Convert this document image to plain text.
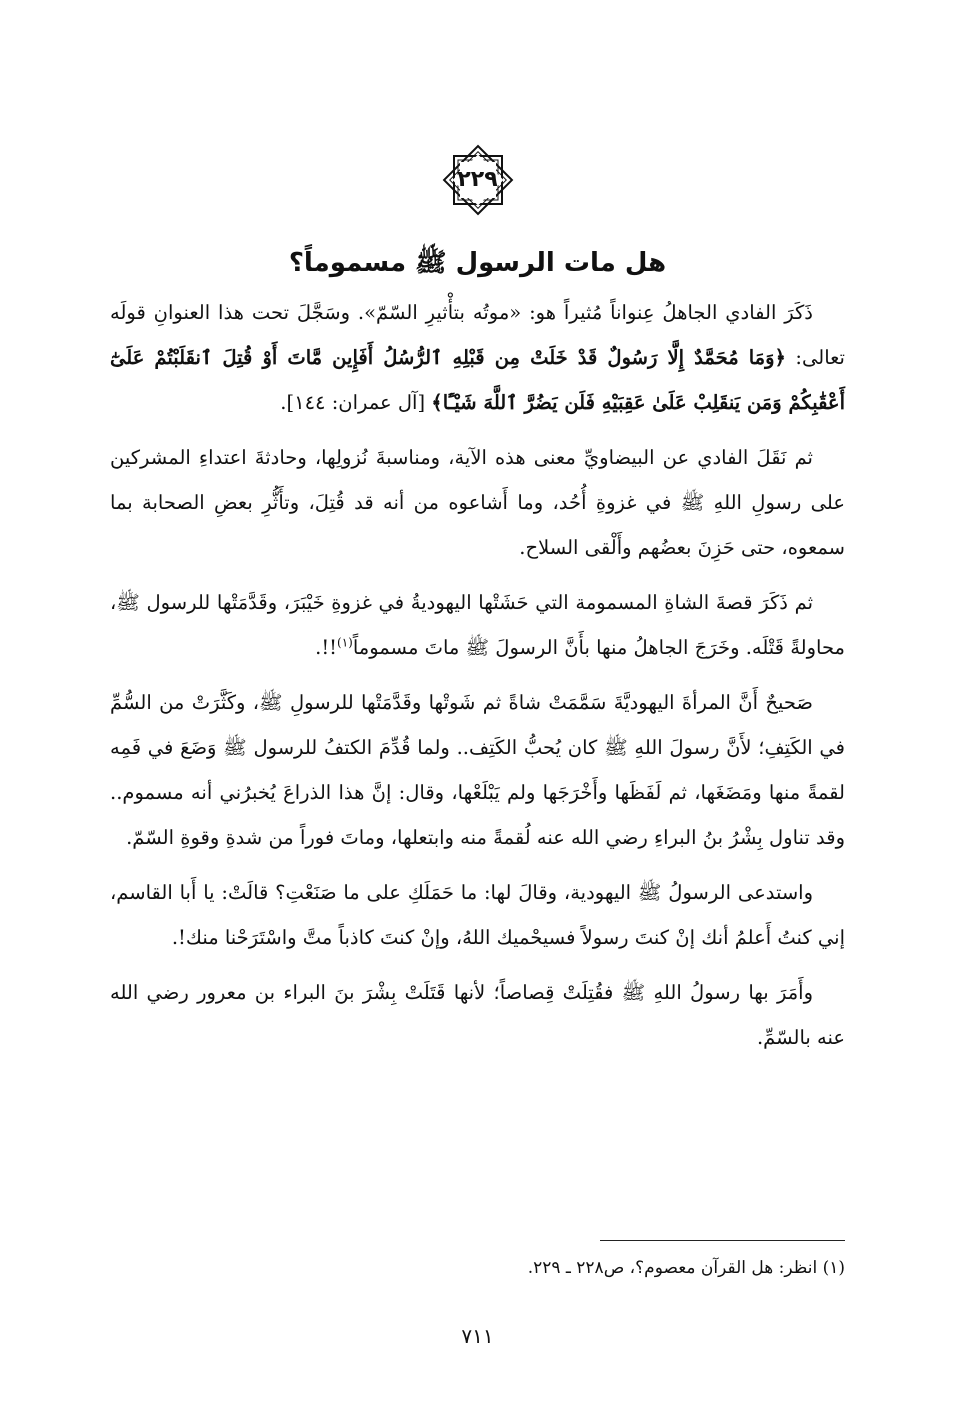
٢٢٩
هل مات الرسول ﷺ مسموماً؟

ذَكَرَ الفادي الجاهلُ عِنواناً مُثيراً هو: «موتُه بتأْثيرِ السّمّ». وسَجَّلَ تحت هذا العنوانِ قولَه تعالى: ﴿وَمَا مُحَمَّدٌ إِلَّا رَسُولٌ قَدْ خَلَتْ مِن قَبْلِهِ ٱلرُّسُلُ أَفَإِين مَّاتَ أَوْ قُتِلَ ٱنقَلَبْتُمْ عَلَىٰٓ أَعْقَٰبِكُمْ وَمَن يَنقَلِبْ عَلَىٰ عَقِبَيْهِ فَلَن يَضُرَّ ٱللَّهَ شَيْـًٔا﴾ [آل عمران: ١٤٤].

ثم نَقَلَ الفادي عن البيضاويِّ معنى هذه الآية، ومناسبةَ نُزولِها، وحادثةَ اعتداءِ المشركين على رسولِ اللهِ ﷺ في غزوةِ أُحُد، وما أَشاعوه من أنه قد قُتِلَ، وتأَثُّرِ بعضِ الصحابة بما سمعوه، حتى حَزِنَ بعضُهم وأَلْقى السلاح.

ثم ذَكَرَ قصةَ الشاةِ المسمومة التي حَشَتْها اليهوديةُ في غزوةِ خَيْبَرَ، وقَدَّمَتْها للرسول ﷺ، محاولةً قَتْلَه. وخَرَجَ الجاهلُ منها بأَنَّ الرسولَ ﷺ ماتَ مسموماً$^{(١)}$!!.

صَحيحٌ أَنَّ المرأةَ اليهوديَّةَ سَمَّمَتْ شاةً ثم شَوتْها وقَدَّمَتْها للرسولِ ﷺ، وكَثَّرَتْ من السُّمِّ في الكَتِفِ؛ لأَنَّ رسولَ اللهِ ﷺ كان يُحبُّ الكَتِف.. ولما قُدِّمَ الكتفُ للرسول ﷺ وَضَعَ في فَمِه لقمةً منها ومَضَغَها، ثم لَفَظَها وأَخْرَجَها ولم يَبْلَعْها، وقال: إنَّ هذا الذراعَ يُخبرُني أنه مسموم.. وقد تناول بِشْرُ بنُ البراءِ رضي الله عنه لُقمةً منه وابتعلها، وماتَ فوراً من شدةِ وقوةِ السّمّ.

واستدعى الرسولُ ﷺ اليهودية، وقالَ لها: ما حَمَلَكِ على ما صَنَعْتِ؟ قالَتْ: يا أَبا القاسم، إني كنتُ أَعلمُ أنك إنْ كنتَ رسولاً فسيحْميك اللهُ، وإنْ كنتَ كاذباً متَّ واسْتَرَحْنا منك!.

وأَمَرَ بها رسولُ اللهِ ﷺ فقُتِلَتْ قِصاصاً؛ لأنها قَتَلَتْ بِشْرَ بنَ البراء بن معرور رضي الله عنه بالسّمِّ.

(١) انظر: هل القرآن معصوم؟، ص٢٢٨ ـ ٢٢٩.
٧١١
